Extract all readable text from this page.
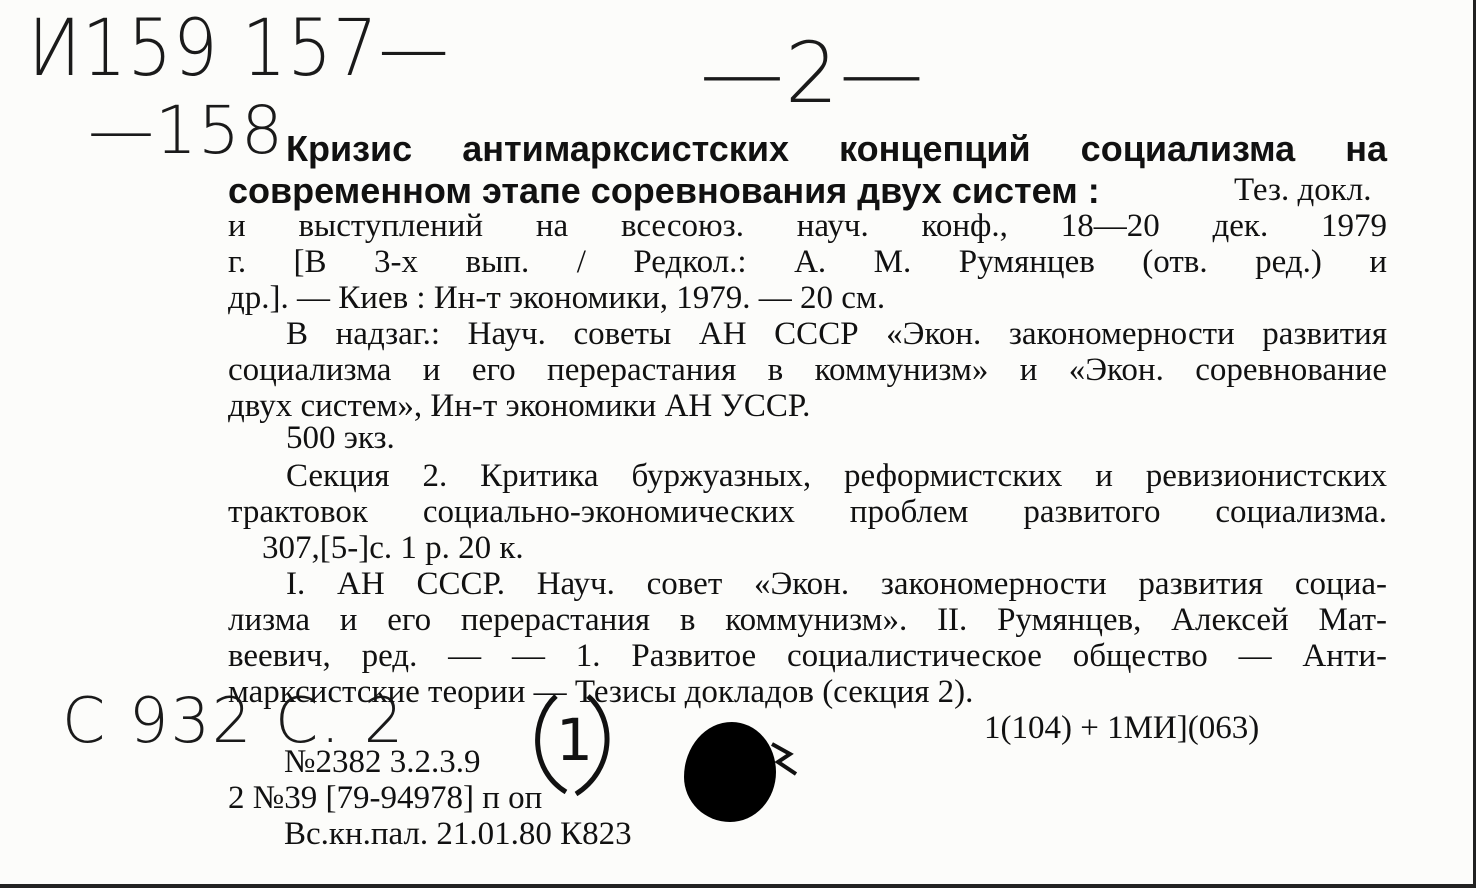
И159 157—
—158
—2—
С 932 С. 2	1
Кризис антимарксистских концепций социализма на
современном этапе соревнования двух систем :	Тез. докл.
и выступлений на всесоюз. науч. конф., 18—20 дек. 1979
г. [В 3-х вып. / Редкол.: А. М. Румянцев (отв. ред.) и
др.]. — Киев : Ин-т экономики, 1979. — 20 см.
В надзаг.: Науч. советы АН СССР «Экон. закономерности развития
социализма и его перерастания в коммунизм» и «Экон. соревнование
двух систем», Ин-т экономики АН УССР.
500 экз.
Секция 2. Критика буржуазных, реформистских и ревизионистских
трактовок социально-экономических проблем развитого социализма.
307,[5-]с. 1 р. 20 к.
I. АН СССР. Науч. совет «Экон. закономерности развития социа-
лизма и его перерастания в коммунизм». II. Румянцев, Алексей Мат-
веевич, ред. — — 1. Развитое социалистическое общество — Анти-
марксистские теории — Тезисы докладов (секция 2).
1(104) + 1МИ](063)
№2382 3.2.3.9
2 №39 [79-94978] п оп
Вс.кн.пал. 21.01.80 К823
